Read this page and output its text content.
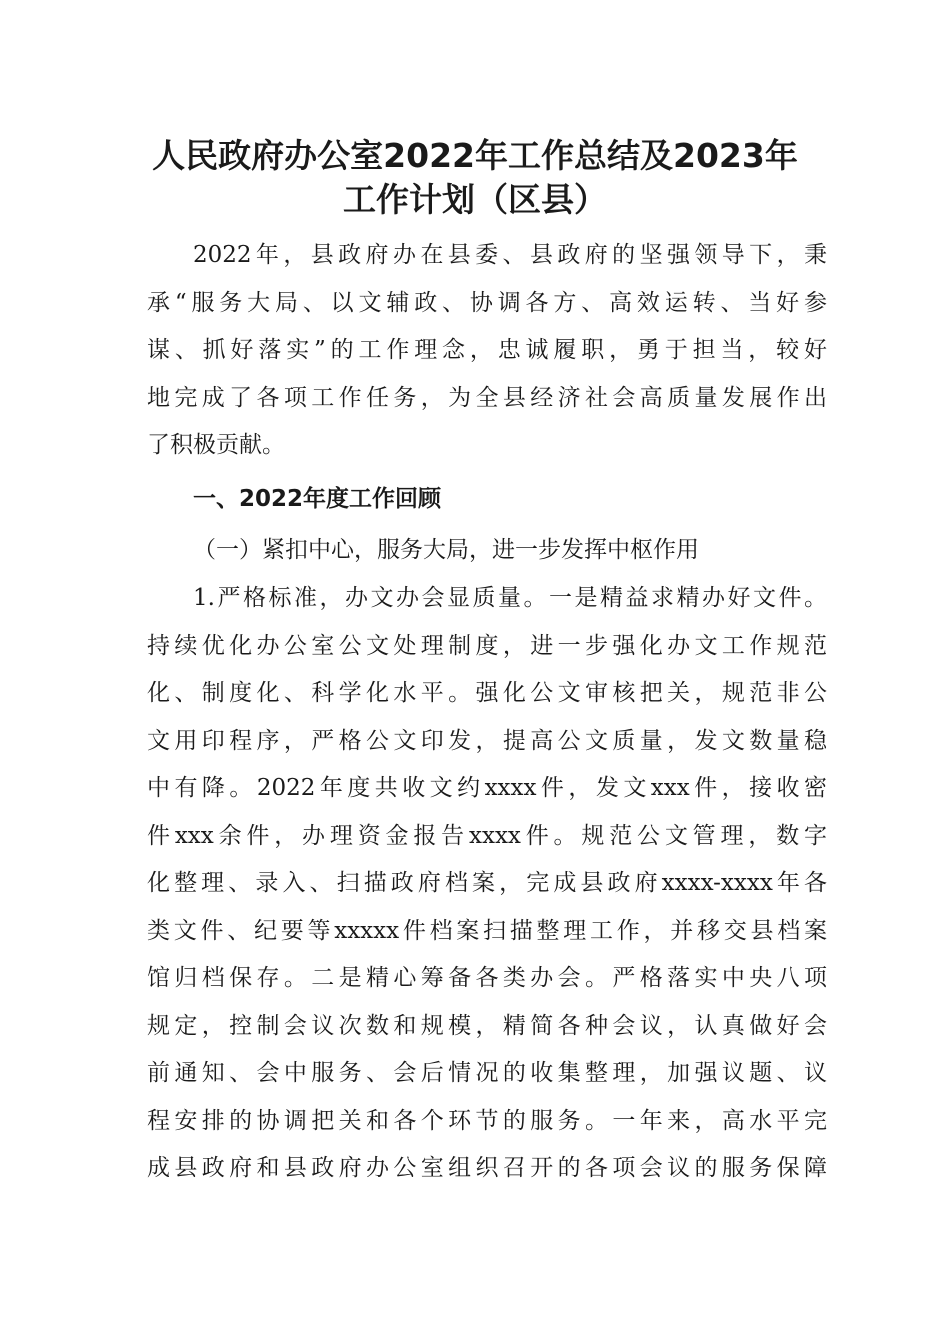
人民政府办公室2022年工作总结及2023年
工作计划（区县）
2022年，县政府办在县委、县政府的坚强领导下，秉
承“服务大局、以文辅政、协调各方、高效运转、当好参
谋、抓好落实”的工作理念，忠诚履职，勇于担当，较好
地完成了各项工作任务，为全县经济社会高质量发展作出
了积极贡献。
一、2022年度工作回顾
（一）紧扣中心，服务大局，进一步发挥中枢作用
1.严格标准，办文办会显质量。一是精益求精办好文件。
持续优化办公室公文处理制度，进一步强化办文工作规范
化、制度化、科学化水平。强化公文审核把关，规范非公
文用印程序，严格公文印发，提高公文质量，发文数量稳
中有降。2022年度共收文约xxxx件，发文xxx件，接收密
件xxx余件，办理资金报告xxxx件。规范公文管理，数字
化整理、录入、扫描政府档案，完成县政府xxxx-xxxx年各
类文件、纪要等xxxxx件档案扫描整理工作，并移交县档案
馆归档保存。二是精心筹备各类办会。严格落实中央八项
规定，控制会议次数和规模，精简各种会议，认真做好会
前通知、会中服务、会后情况的收集整理，加强议题、议
程安排的协调把关和各个环节的服务。一年来，高水平完
成县政府和县政府办公室组织召开的各项会议的服务保障
